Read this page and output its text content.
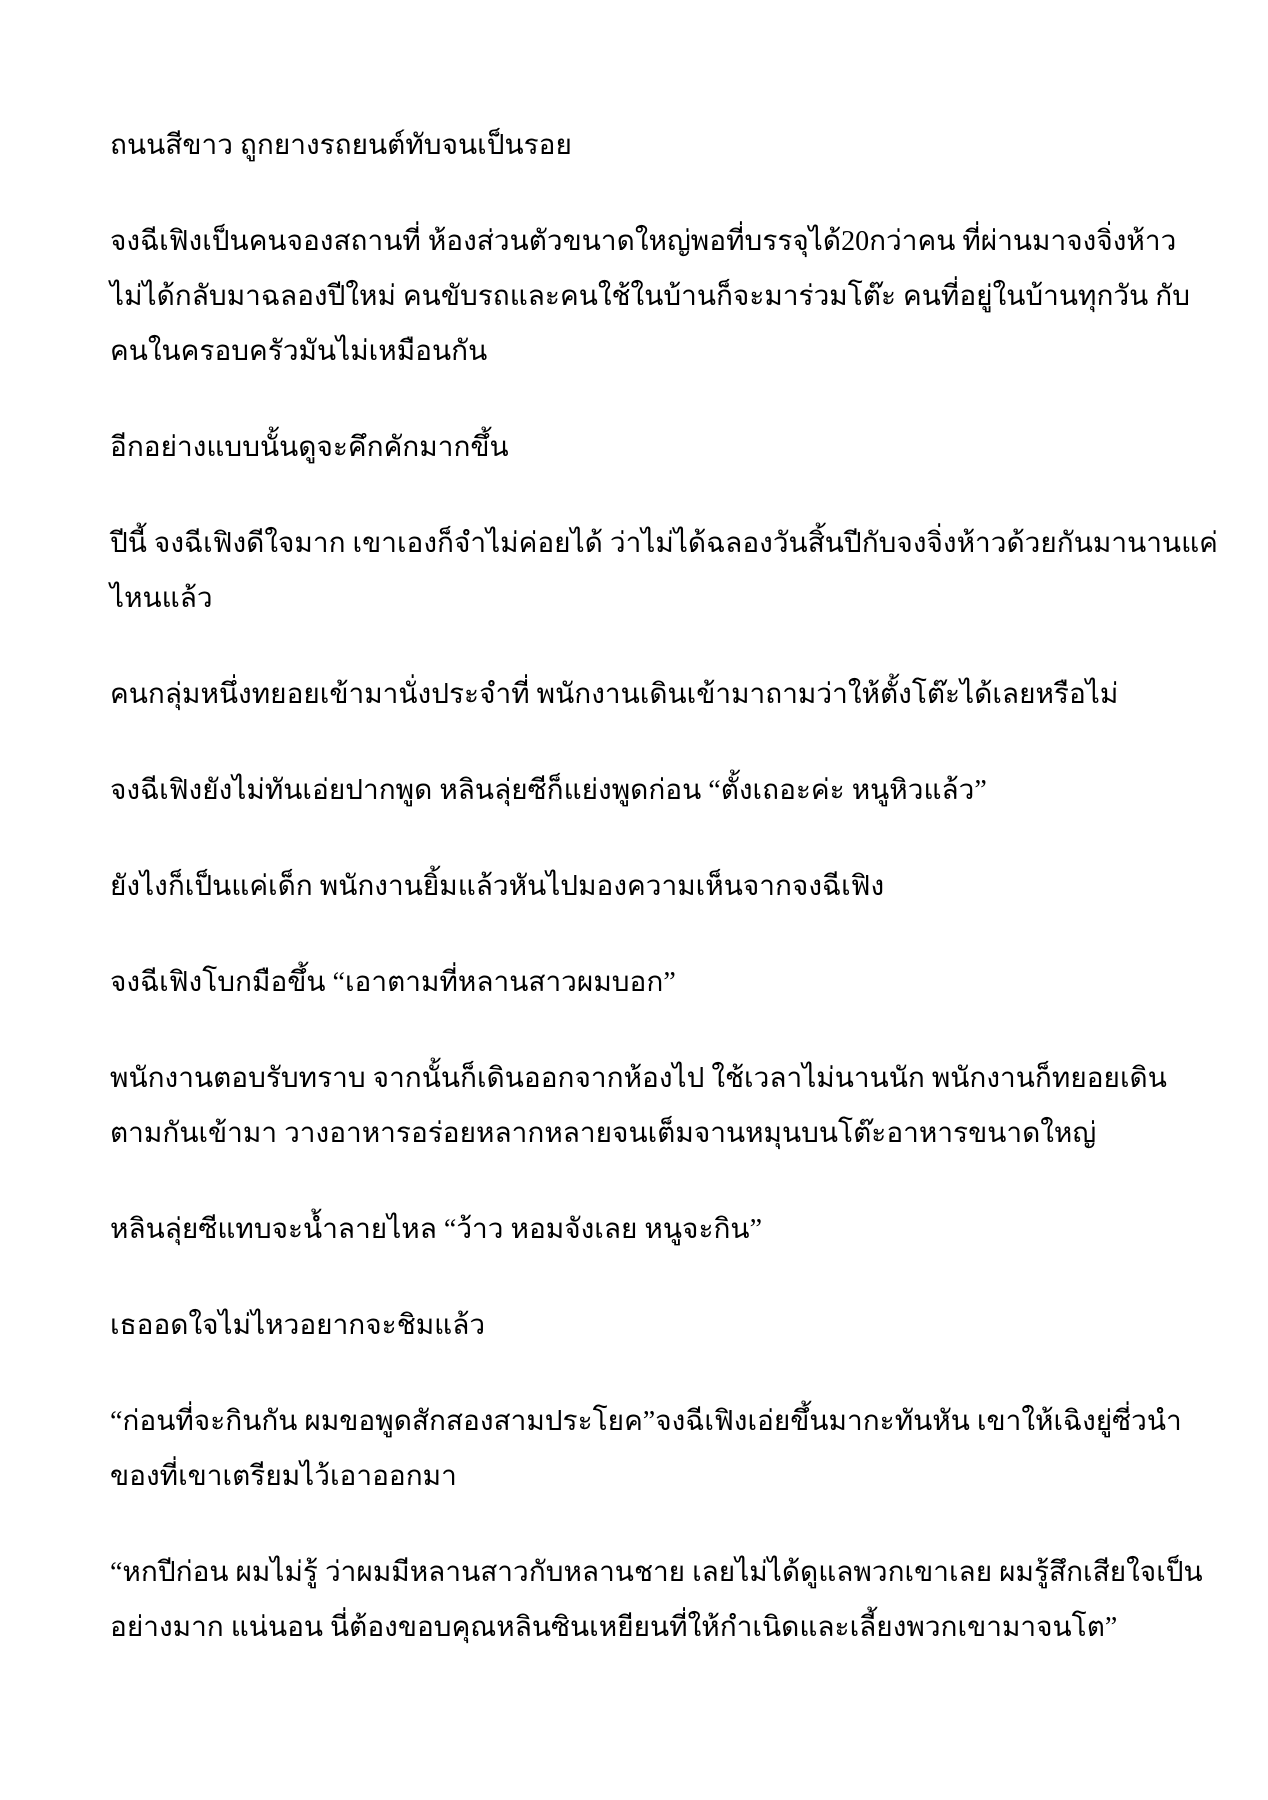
ถนนสีขาว ถูกยางรถยนต์ทับจนเป็นรอย
จงฉีเฟิงเป็นคนจองสถานที่ ห้องส่วนตัวขนาดใหญ่พอที่บรรจุได้20กว่าคน ที่ผ่านมาจงจิ่งห้าว
ไม่ได้กลับมาฉลองปีใหม่ คนขับรถและคนใช้ในบ้านก็จะมาร่วมโต๊ะ คนที่อยู่ในบ้านทุกวัน กับ
คนในครอบครัวมันไม่เหมือนกัน
อีกอย่างแบบนั้นดูจะคึกคักมากขึ้น
ปีนี้ จงฉีเฟิงดีใจมาก เขาเองก็จำไม่ค่อยได้ ว่าไม่ได้ฉลองวันสิ้นปีกับจงจิ่งห้าวด้วยกันมานานแค่
ไหนแล้ว
คนกลุ่มหนึ่งทยอยเข้ามานั่งประจำที่ พนักงานเดินเข้ามาถามว่าให้ตั้งโต๊ะได้เลยหรือไม่
จงฉีเฟิงยังไม่ทันเอ่ยปากพูด หลินลุ่ยซีก็แย่งพูดก่อน “ตั้งเถอะค่ะ หนูหิวแล้ว”
ยังไงก็เป็นแค่เด็ก พนักงานยิ้มแล้วหันไปมองความเห็นจากจงฉีเฟิง
จงฉีเฟิงโบกมือขึ้น “เอาตามที่หลานสาวผมบอก”
พนักงานตอบรับทราบ จากนั้นก็เดินออกจากห้องไป ใช้เวลาไม่นานนัก พนักงานก็ทยอยเดิน
ตามกันเข้ามา วางอาหารอร่อยหลากหลายจนเต็มจานหมุนบนโต๊ะอาหารขนาดใหญ่
หลินลุ่ยซีแทบจะน้ำลายไหล “ว้าว หอมจังเลย หนูจะกิน”
เธออดใจไม่ไหวอยากจะชิมแล้ว
“ก่อนที่จะกินกัน ผมขอพูดสักสองสามประโยค”จงฉีเฟิงเอ่ยขึ้นมากะทันหัน เขาให้เฉิงยู่ซี่วนำ
ของที่เขาเตรียมไว้เอาออกมา
“หกปีก่อน ผมไม่รู้ ว่าผมมีหลานสาวกับหลานชาย เลยไม่ได้ดูแลพวกเขาเลย ผมรู้สึกเสียใจเป็น
อย่างมาก แน่นอน นี่ต้องขอบคุณหลินซินเหยียนที่ให้กำเนิดและเลี้ยงพวกเขามาจนโต”
